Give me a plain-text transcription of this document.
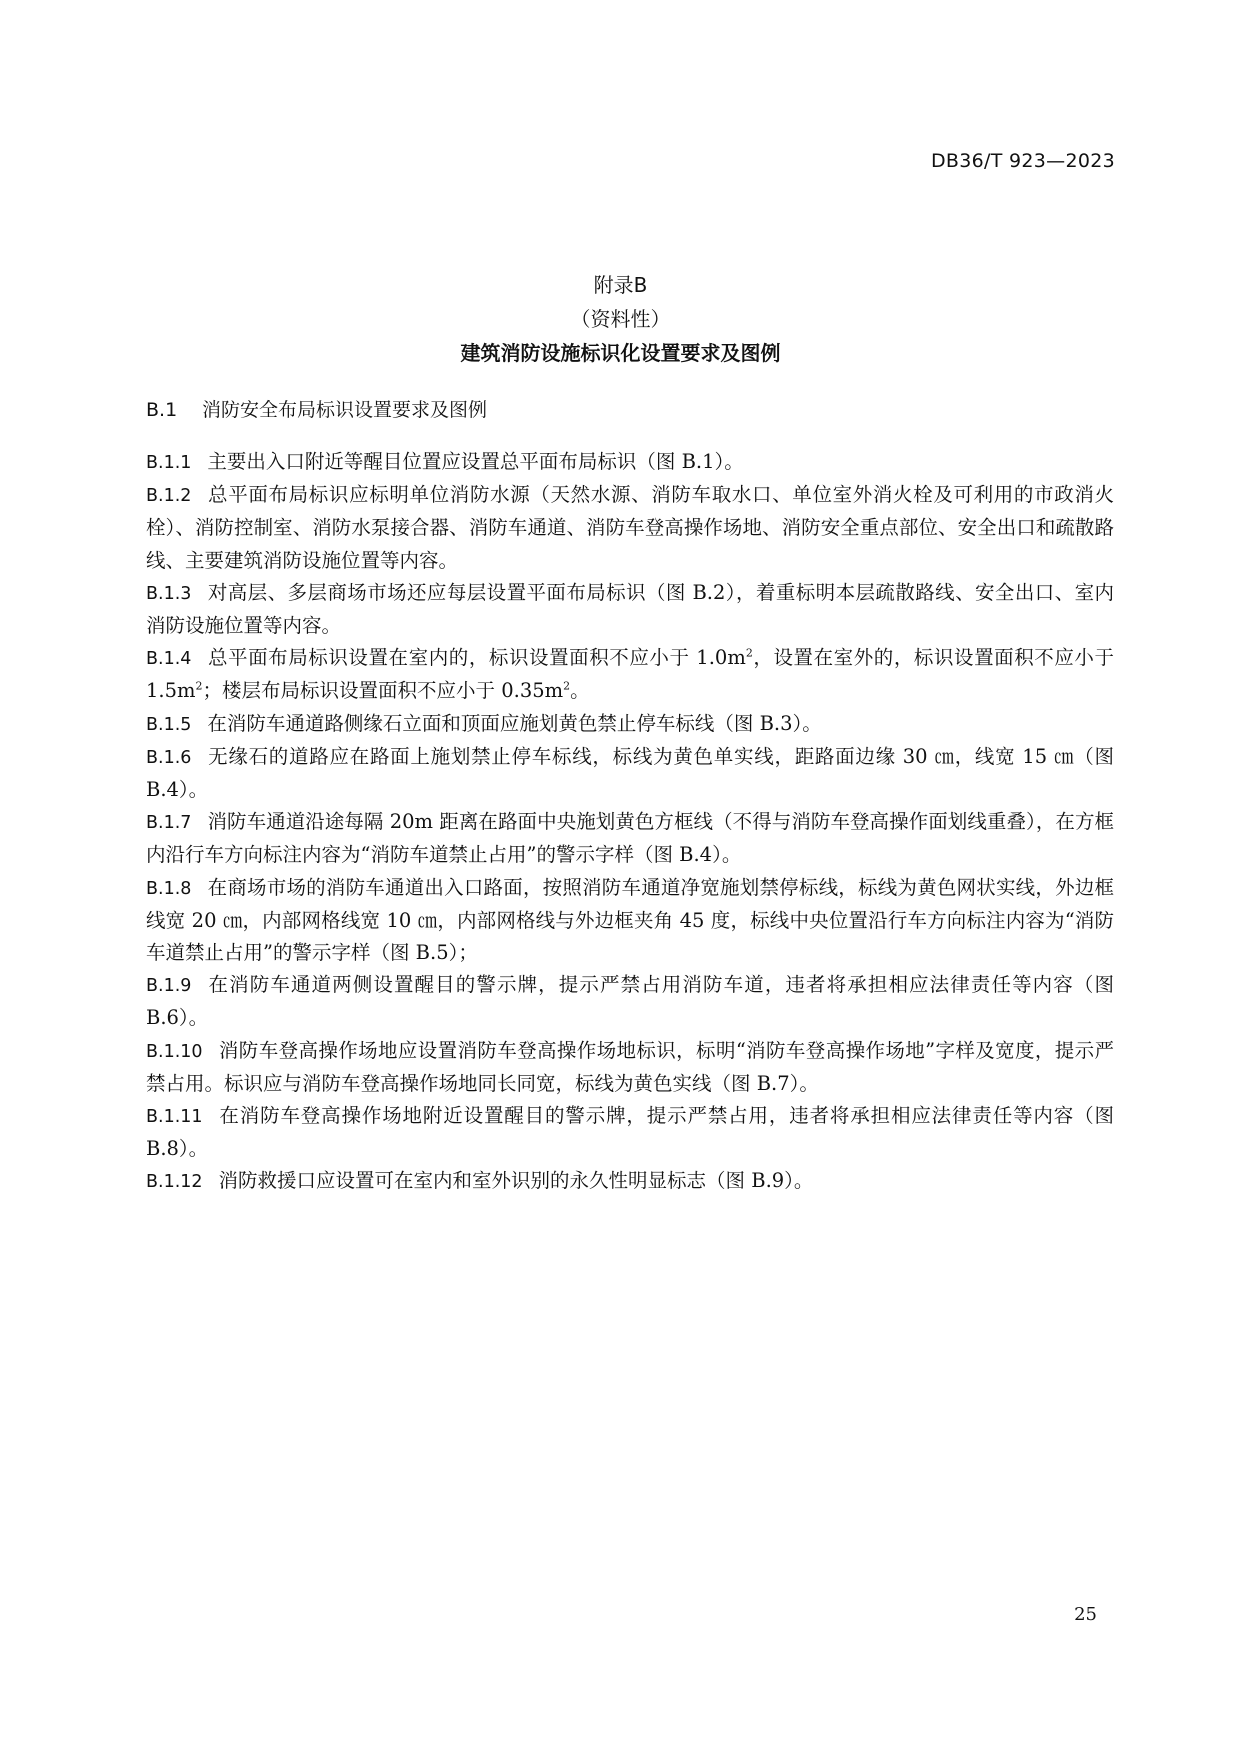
DB36/T 923—2023
附录B
（资料性）
建筑消防设施标识化设置要求及图例
B.1 消防安全布局标识设置要求及图例
B.1.1 主要出入口附近等醒目位置应设置总平面布局标识（图 B.1）。
B.1.2 总平面布局标识应标明单位消防水源（天然水源、消防车取水口、单位室外消火栓及可利用的市政消火栓）、消防控制室、消防水泵接合器、消防车通道、消防车登高操作场地、消防安全重点部位、安全出口和疏散路线、主要建筑消防设施位置等内容。
B.1.3 对高层、多层商场市场还应每层设置平面布局标识（图 B.2），着重标明本层疏散路线、安全出口、室内消防设施位置等内容。
B.1.4 总平面布局标识设置在室内的，标识设置面积不应小于 $1.0m^2$，设置在室外的，标识设置面积不应小于 $1.5m^2$；楼层布局标识设置面积不应小于 $0.35m^2$。
B.1.5 在消防车通道路侧缘石立面和顶面应施划黄色禁止停车标线（图 B.3）。
B.1.6 无缘石的道路应在路面上施划禁止停车标线，标线为黄色单实线，距路面边缘 30 ㎝，线宽 15 ㎝（图 B.4）。
B.1.7 消防车通道沿途每隔 20m 距离在路面中央施划黄色方框线（不得与消防车登高操作面划线重叠），在方框内沿行车方向标注内容为“消防车道禁止占用”的警示字样（图 B.4）。
B.1.8 在商场市场的消防车通道出入口路面，按照消防车通道净宽施划禁停标线，标线为黄色网状实线，外边框线宽 20 ㎝，内部网格线宽 10 ㎝，内部网格线与外边框夹角 45 度，标线中央位置沿行车方向标注内容为“消防车道禁止占用”的警示字样（图 B.5）；
B.1.9 在消防车通道两侧设置醒目的警示牌，提示严禁占用消防车道，违者将承担相应法律责任等内容（图 B.6）。
B.1.10 消防车登高操作场地应设置消防车登高操作场地标识，标明“消防车登高操作场地”字样及宽度，提示严禁占用。标识应与消防车登高操作场地同长同宽，标线为黄色实线（图 B.7）。
B.1.11 在消防车登高操作场地附近设置醒目的警示牌，提示严禁占用，违者将承担相应法律责任等内容（图 B.8）。
B.1.12 消防救援口应设置可在室内和室外识别的永久性明显标志（图 B.9）。
25
